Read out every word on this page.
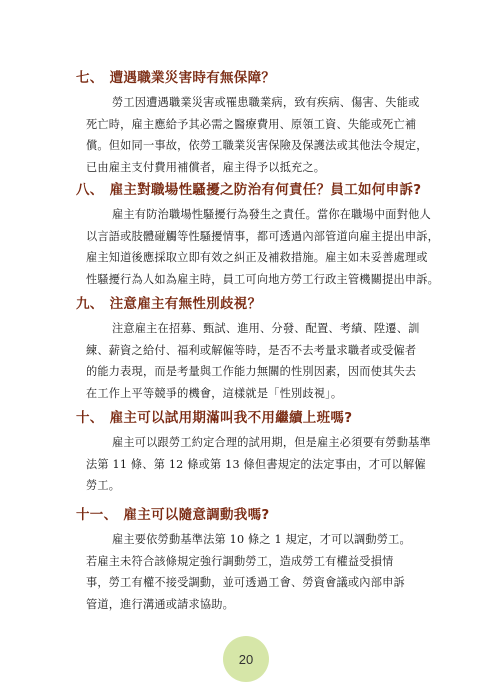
七、 遭遇職業災害時有無保障？
勞工因遭遇職業災害或罹患職業病，致有疾病、傷害、失能或
死亡時，雇主應給予其必需之醫療費用、原領工資、失能或死亡補
償。但如同一事故，依勞工職業災害保險及保護法或其他法令規定，
已由雇主支付費用補償者，雇主得予以抵充之。
八、 雇主對職場性騷擾之防治有何責任？員工如何申訴?
雇主有防治職場性騷擾行為發生之責任。當你在職場中面對他人
以言語或肢體碰觸等性騷擾情事，都可透過內部管道向雇主提出申訴，
雇主知道後應採取立即有效之糾正及補救措施。雇主如未妥善處理或
性騷擾行為人如為雇主時，員工可向地方勞工行政主管機關提出申訴。
九、 注意雇主有無性別歧視？
注意雇主在招募、甄試、進用、分發、配置、考績、陞遷、訓
練、薪資之給付、福利或解僱等時，是否不去考量求職者或受僱者
的能力表現，而是考量與工作能力無關的性別因素，因而使其失去
在工作上平等競爭的機會，這樣就是「性別歧視」。
十、 雇主可以試用期滿叫我不用繼續上班嗎?
雇主可以跟勞工約定合理的試用期，但是雇主必須要有勞動基準
法第 11 條、第 12 條或第 13 條但書規定的法定事由，才可以解僱
勞工。
十一、 雇主可以隨意調動我嗎?
雇主要依勞動基準法第 10 條之 1 規定，才可以調動勞工。
若雇主未符合該條規定強行調動勞工，造成勞工有權益受損情
事，勞工有權不接受調動，並可透過工會、勞資會議或內部申訴
管道，進行溝通或請求協助。
20
